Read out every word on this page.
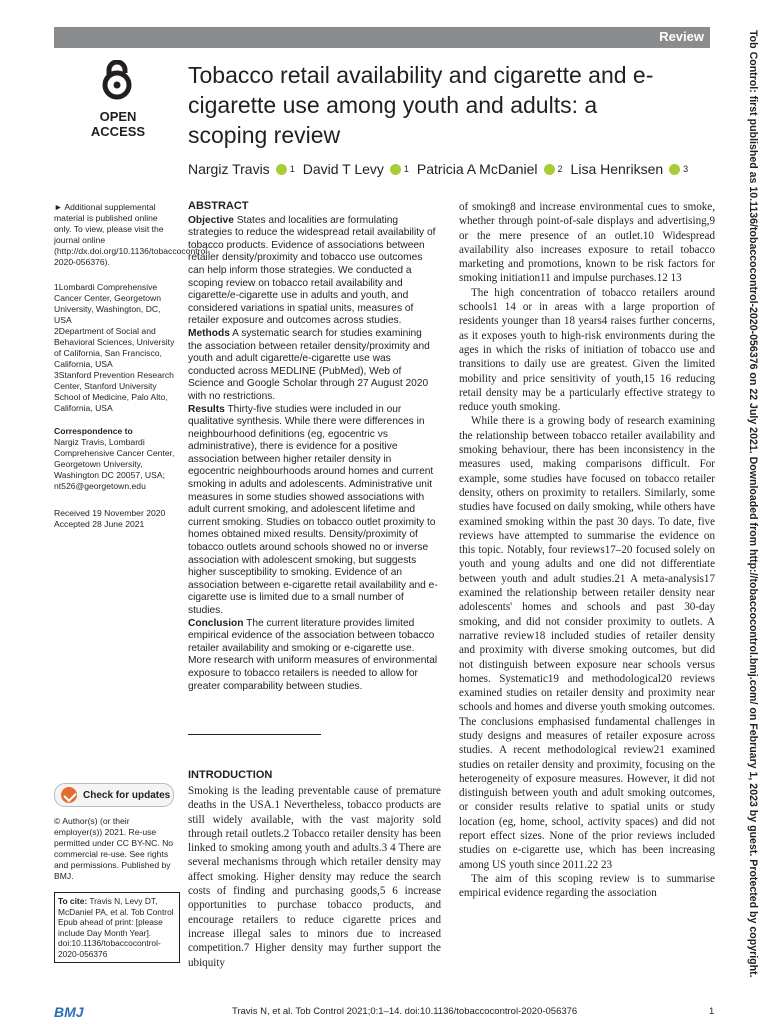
Review
OPEN ACCESS
Tobacco retail availability and cigarette and e-cigarette use among youth and adults: a scoping review
Nargiz Travis 1 David T Levy 1 Patricia A McDaniel 2 Lisa Henriksen 3

► Additional supplemental material is published online only. To view, please visit the journal online (http://dx.doi.org/10.1136/tobaccocontrol-2020-056376).

1Lombardi Comprehensive Cancer Center, Georgetown University, Washington, DC, USA

2Department of Social and Behavioral Sciences, University of California, San Francisco, California, USA

3Stanford Prevention Research Center, Stanford University School of Medicine, Palo Alto, California, USA

Correspondence to

Nargiz Travis, Lombardi Comprehensive Cancer Center, Georgetown University, Washington DC 20057, USA; nt526@georgetown.edu

Received 19 November 2020

Accepted 28 June 2021

Check for updates

© Author(s) (or their employer(s)) 2021. Re-use permitted under CC BY-NC. No commercial re-use. See rights and permissions. Published by BMJ.

To cite: Travis N, Levy DT, McDaniel PA, et al. Tob Control Epub ahead of print: [please include Day Month Year]. doi:10.1136/tobaccocontrol-2020-056376
ABSTRACT

Objective States and localities are formulating strategies to reduce the widespread retail availability of tobacco products. Evidence of associations between retailer density/proximity and tobacco use outcomes can help inform those strategies. We conducted a scoping review on tobacco retail availability and cigarette/e-cigarette use in adults and youth, and considered variations in spatial units, measures of retailer exposure and outcomes across studies.

Methods A systematic search for studies examining the association between retailer density/proximity and youth and adult cigarette/e-cigarette use was conducted across MEDLINE (PubMed), Web of Science and Google Scholar through 27 August 2020 with no restrictions.

Results Thirty-five studies were included in our qualitative synthesis. While there were differences in neighbourhood definitions (eg, egocentric vs administrative), there is evidence for a positive association between higher retailer density in egocentric neighbourhoods around homes and current smoking in adults and adolescents. Administrative unit measures in some studies showed associations with adult current smoking, and adolescent lifetime and current smoking. Studies on tobacco outlet proximity to homes obtained mixed results. Density/proximity of tobacco outlets around schools showed no or inverse association with adolescent smoking, but suggests higher susceptibility to smoking. Evidence of an association between e-cigarette retail availability and e-cigarette use is limited due to a small number of studies.

Conclusion The current literature provides limited empirical evidence of the association between tobacco retailer availability and smoking or e-cigarette use. More research with uniform measures of environmental exposure to tobacco retailers is needed to allow for greater comparability between studies.

INTRODUCTION

Smoking is the leading preventable cause of premature deaths in the USA.1 Nevertheless, tobacco products are still widely available, with the vast majority sold through retail outlets.2 Tobacco retailer density has been linked to smoking among youth and adults.3 4 There are several mechanisms through which retailer density may affect smoking. Higher density may reduce the search costs of finding and purchasing goods,5 6 increase opportunities to purchase tobacco products, and encourage retailers to reduce cigarette prices and increase illegal sales to minors due to increased competition.7 Higher density may further support the ubiquity

of smoking8 and increase environmental cues to smoke, whether through point-of-sale displays and advertising,9 or the mere presence of an outlet.10 Widespread availability also increases exposure to retail tobacco marketing and promotions, known to be risk factors for smoking initiation11 and impulse purchases.12 13

The high concentration of tobacco retailers around schools1 14 or in areas with a large proportion of residents younger than 18 years4 raises further concerns, as it exposes youth to high-risk environments during the ages in which the risks of initiation of tobacco use and transitions to daily use are greatest. Given the limited mobility and price sensitivity of youth,15 16 reducing retail density may be a particularly effective strategy to reduce youth smoking.

While there is a growing body of research examining the relationship between tobacco retailer availability and smoking behaviour, there has been inconsistency in the measures used, making comparisons difficult. For example, some studies have focused on tobacco retailer density, others on proximity to retailers. Similarly, some studies have focused on daily smoking, while others have examined smoking within the past 30 days. To date, five reviews have attempted to summarise the evidence on this topic. Notably, four reviews17–20 focused solely on youth and young adults and one did not differentiate between youth and adult studies.21 A meta-analysis17 examined the relationship between retailer density near adolescents' homes and schools and past 30-day smoking, and did not consider proximity to outlets. A narrative review18 included studies of retailer density and proximity with diverse smoking outcomes, but did not distinguish between exposure near schools versus homes. Systematic19 and methodological20 reviews examined studies on retailer density and proximity near schools and homes and diverse youth smoking outcomes. The conclusions emphasised fundamental challenges in study designs and measures of retailer exposure across studies. A recent methodological review21 examined studies on retailer density and proximity, focusing on the heterogeneity of exposure measures. However, it did not distinguish between youth and adult smoking outcomes, or consider results relative to spatial units or study location (eg, home, school, activity spaces) and did not report effect sizes. None of the prior reviews included studies on e-cigarette use, which has been increasing among US youth since 2011.22 23

The aim of this scoping review is to summarise empirical evidence regarding the association	Tob Control: first published as 10.1136/tobaccocontrol-2020-056376 on 22 July 2021. Downloaded from http://tobaccocontrol.bmj.com/ on February 1, 2023 by guest. Protected by copyright.
BMJ	Travis N, et al. Tob Control 2021;0:1–14. doi:10.1136/tobaccocontrol-2020-056376	1
